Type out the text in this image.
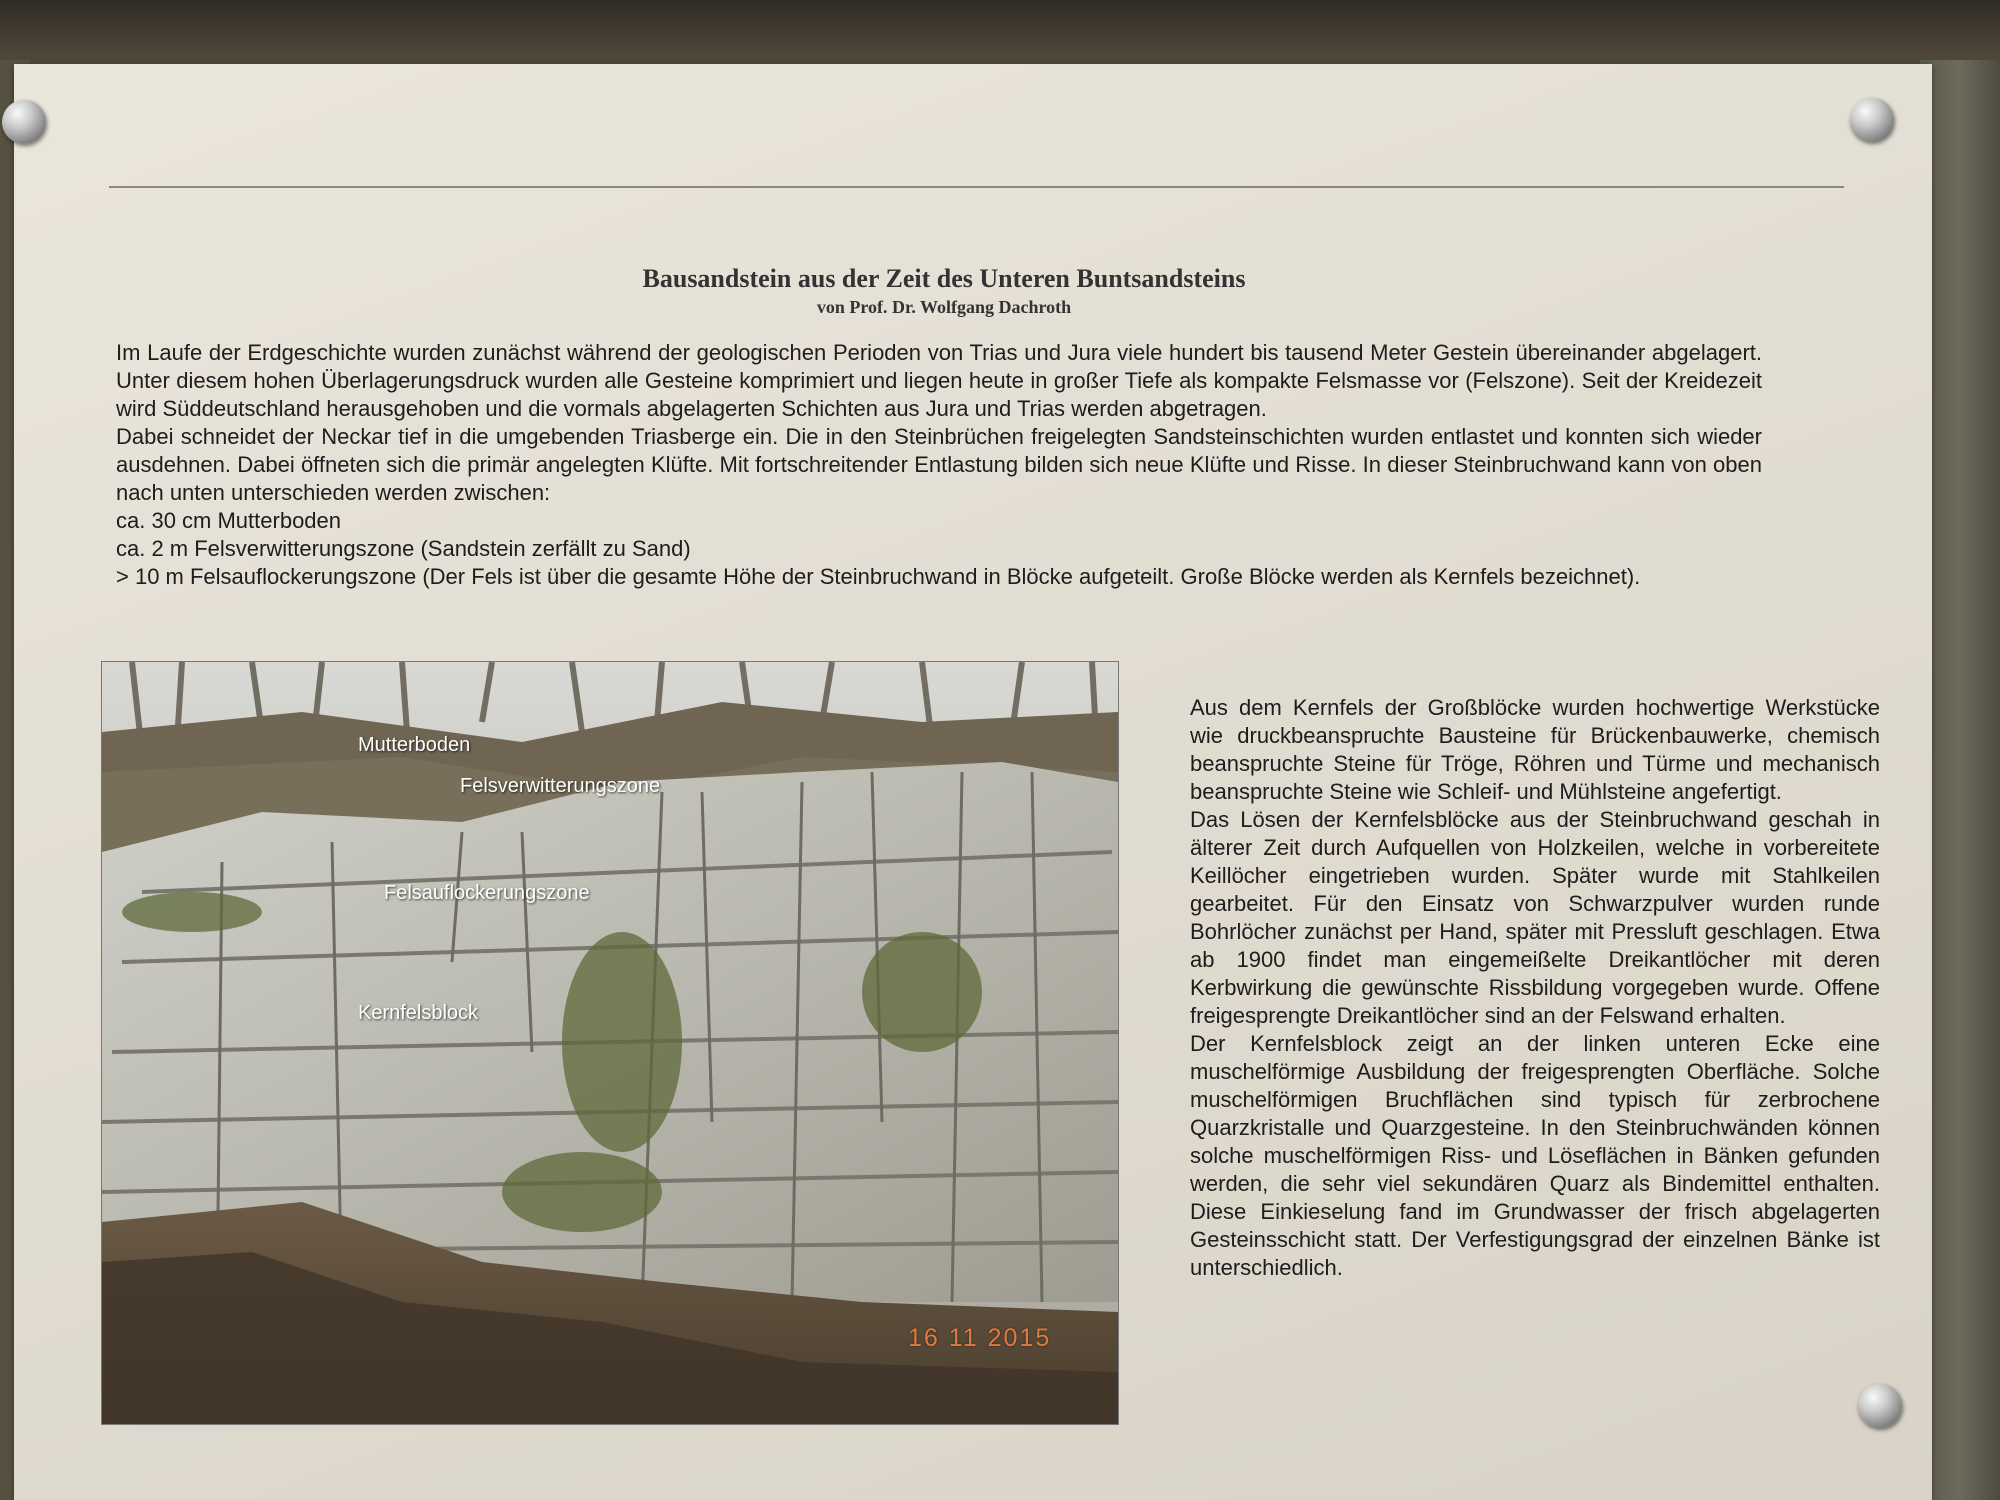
Bausandstein aus der Zeit des Unteren Buntsandsteins
von Prof. Dr. Wolfgang Dachroth

Im Laufe der Erdgeschichte wurden zunächst während der geologischen Perioden von Trias und Jura viele hundert bis tausend Meter Gestein übereinander abgelagert. Unter diesem hohen Überlagerungsdruck wurden alle Gesteine komprimiert und liegen heute in großer Tiefe als kompakte Felsmasse vor (Felszone). Seit der Kreidezeit wird Süddeutschland herausgehoben und die vormals abgelagerten Schichten aus Jura und Trias werden abgetragen.

Dabei schneidet der Neckar tief in die umgebenden Triasberge ein. Die in den Steinbrüchen freigelegten Sandsteinschichten wurden entlastet und konnten sich wieder ausdehnen. Dabei öffneten sich die primär angelegten Klüfte. Mit fortschreitender Entlastung bilden sich neue Klüfte und Risse. In dieser Steinbruchwand kann von oben nach unten unterschieden werden zwischen:

ca. 30 cm Mutterboden

ca. 2 m Felsverwitterungszone (Sandstein zerfällt zu Sand)

> 10 m Felsauflockerungszone (Der Fels ist über die gesamte Höhe der Steinbruchwand in Blöcke aufgeteilt. Große Blöcke werden als Kernfels bezeichnet).

Mutterboden
Felsverwitterungszone
Felsauflockerungszone
Kernfelsblock
16 11 2015

Aus dem Kernfels der Großblöcke wurden hochwertige Werkstücke wie druckbeanspruchte Bausteine für Brückenbauwerke, chemisch beanspruchte Steine für Tröge, Röhren und Türme und mechanisch beanspruchte Steine wie Schleif- und Mühlsteine angefertigt.

Das Lösen der Kernfelsblöcke aus der Steinbruchwand geschah in älterer Zeit durch Aufquellen von Holzkeilen, welche in vorbereitete Keillöcher eingetrieben wurden. Später wurde mit Stahlkeilen gearbeitet. Für den Einsatz von Schwarzpulver wurden runde Bohrlöcher zunächst per Hand, später mit Pressluft geschlagen. Etwa ab 1900 findet man eingemeißelte Dreikantlöcher mit deren Kerbwirkung die gewünschte Rissbildung vorgegeben wurde. Offene freigesprengte Dreikantlöcher sind an der Felswand erhalten.

Der Kernfelsblock zeigt an der linken unteren Ecke eine muschelförmige Ausbildung der freigesprengten Oberfläche. Solche muschelförmigen Bruchflächen sind typisch für zerbrochene Quarzkristalle und Quarzgesteine. In den Steinbruchwänden können solche muschelförmigen Riss- und Löseflächen in Bänken gefunden werden, die sehr viel sekundären Quarz als Bindemittel enthalten. Diese Einkieselung fand im Grundwasser der frisch abgelagerten Gesteinsschicht statt. Der Verfestigungsgrad der einzelnen Bänke ist unterschiedlich.
